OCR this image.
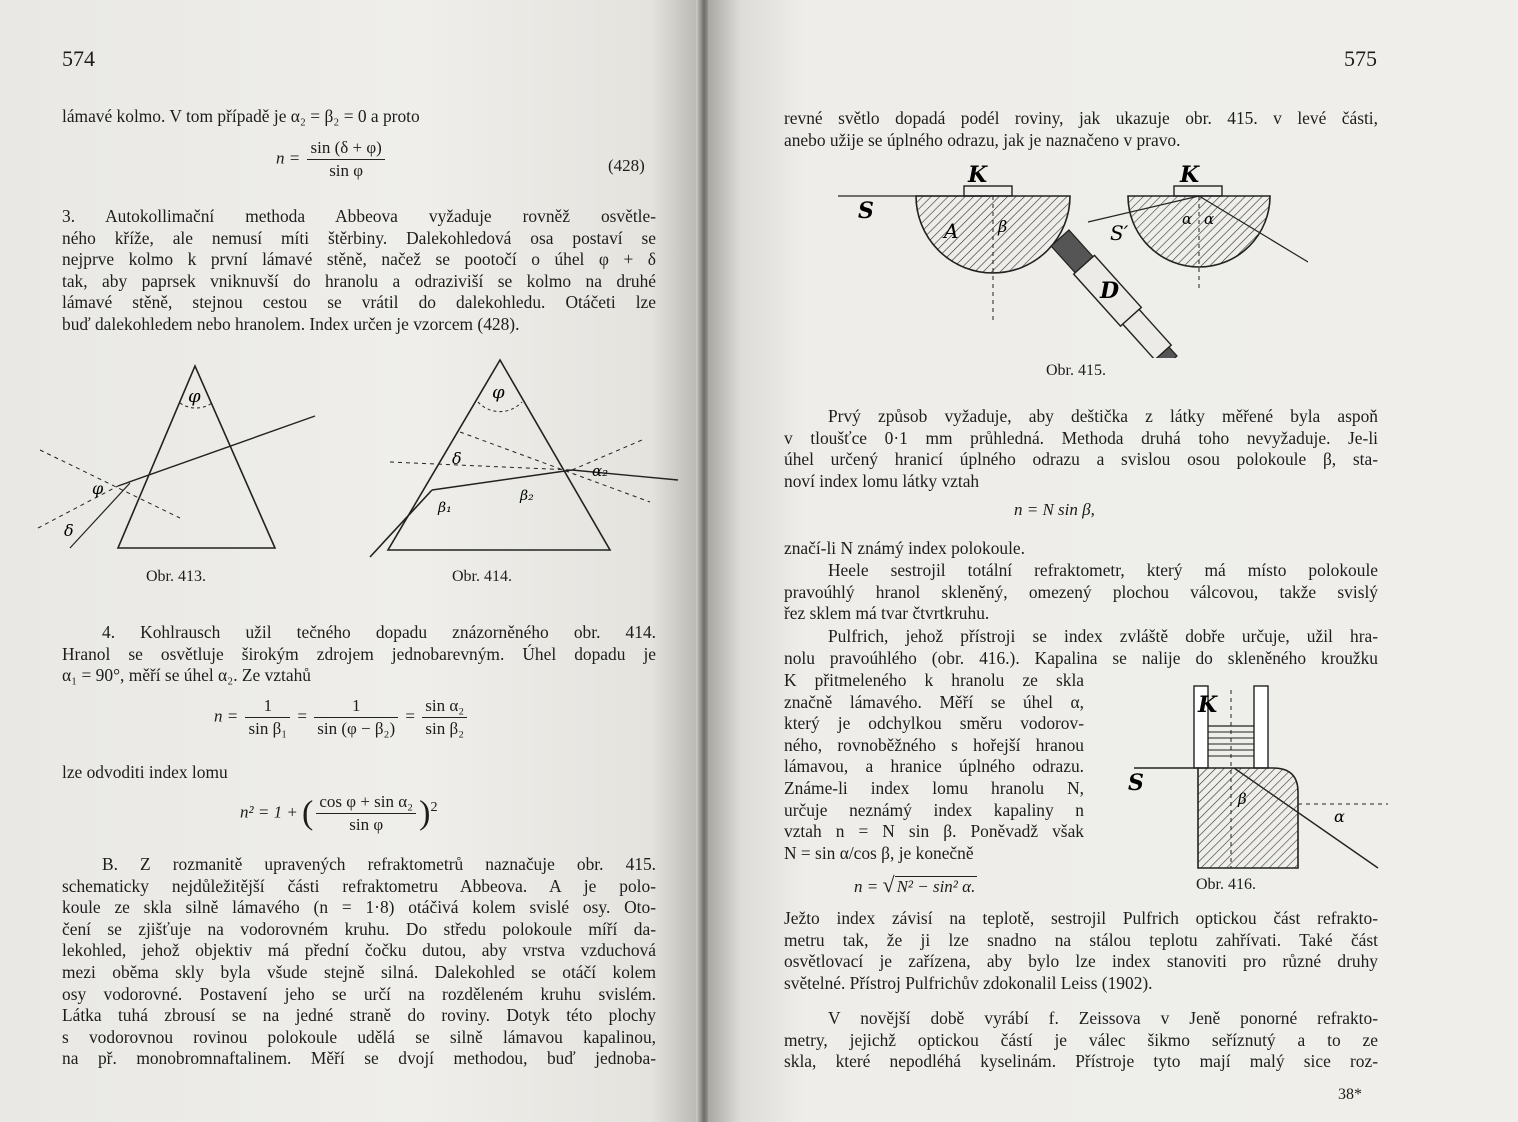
574
lámavé kolmo. V tom případě je α₂ = β₂ = 0 a proto
$n = \frac{\sin (\delta + \varphi)}{\text{sin φ}}$	(428)
3. Autokollimační methoda Abbeova vyžaduje rovněž osvětle-
ného kříže, ale nemusí míti štěrbiny. Dalekohledová osa postaví se
nejprve kolmo k první lámavé stěně, načež se pootočí o úhel φ + δ
tak, aby paprsek vniknuvší do hranolu a odraziviší se kolmo na druhé
lámavé stěně, stejnou cestou se vrátil do dalekohledu. Otáčeti lze
buď dalekohledem nebo hranolem. Index určen je vzorcem (428).
φ
φ
δ
Obr. 413.
φ
δ
α₂
β₁
β₂
Obr. 414.
4. Kohlrausch užil tečného dopadu znázorněného obr. 414.
Hranol se osvětluje širokým zdrojem jednobarevným. Úhel dopadu je
α₁ = 90°, měří se úhel α₂. Ze vztahů
$n = \frac{1}{\text{sin β₁}} = \frac{1}{\text{sin (φ − β₂)}} = \frac{\text{sin α₂}}{\text{sin β₂}}$
lze odvoditi index lomu
n² = 1 + ( $\frac{\text{cos φ + sin α₂}}{\text{sin φ}} )^2$
B. Z rozmanitě upravených refraktometrů naznačuje obr. 415.
schematicky nejdůležitější části refraktometru Abbeova. A je polo-
koule ze skla silně lámavého (n = 1·8) otáčivá kolem svislé osy. Oto-
čení se zjišťuje na vodorovném kruhu. Do středu polokoule míří da-
lekohled, jehož objektiv má přední čočku dutou, aby vrstva vzduchová
mezi oběma skly byla všude stejně silná. Dalekohled se otáčí kolem
osy vodorovné. Postavení jeho se určí na rozděleném kruhu svislém.
Látka tuhá zbrousí se na jedné straně do roviny. Dotyk této plochy
s vodorovnou rovinou polokoule udělá se silně lámavou kapalinou,
na př. monobromnaftalinem. Měří se dvojí methodou, buď jednoba-
575
revné světlo dopadá podél roviny, jak ukazuje obr. 415. v levé části,
anebo užije se úplného odrazu, jak je naznačeno v pravo.
K	K
S
A β
D
S′
α α
Obr. 415.
Prvý způsob vyžaduje, aby deštička z látky měřené byla aspoň
v tloušťce 0·1 mm průhledná. Methoda druhá toho nevyžaduje. Je-li
úhel určený hranicí úplného odrazu a svislou osou polokoule β, sta-
noví index lomu látky vztah
n = N sin β,
značí-li N známý index polokoule.
Heele sestrojil totální refraktometr, který má místo polokoule
pravoúhlý hranol skleněný, omezený plochou válcovou, takže svislý
řez sklem má tvar čtvrtkruhu.
Pulfrich, jehož přístroji se index zvláště dobře určuje, užil hra-
nolu pravoúhlého (obr. 416.). Kapalina se nalije do skleněného kroužku
K přitmeleného k hranolu ze skla
značně lámavého. Měří se úhel α,
který je odchylkou směru vodorov-
ného, rovnoběžného s hořejší hranou
lámavou, a hranice úplného odrazu.
Známe-li index lomu hranolu N,
určuje neznámý index kapaliny n
vztah n = N sin β. Poněvadž však
N = sin α/cos β, je konečně
n = √ N² − sin² α.
K
S
β
α
Obr. 416.
Ježto index závisí na teplotě, sestrojil Pulfrich optickou část refrakto-
metru tak, že ji lze snadno na stálou teplotu zahřívati. Také část
osvětlovací je zařízena, aby bylo lze index stanoviti pro různé druhy
světelné. Přístroj Pulfrichův zdokonalil Leiss (1902).
V novější době vyrábí f. Zeissova v Jeně ponorné refrakto-
metry, jejichž optickou částí je válec šikmo seříznutý a to ze
skla, které nepodléhá kyselinám. Přístroje tyto mají malý sice roz-
38*
